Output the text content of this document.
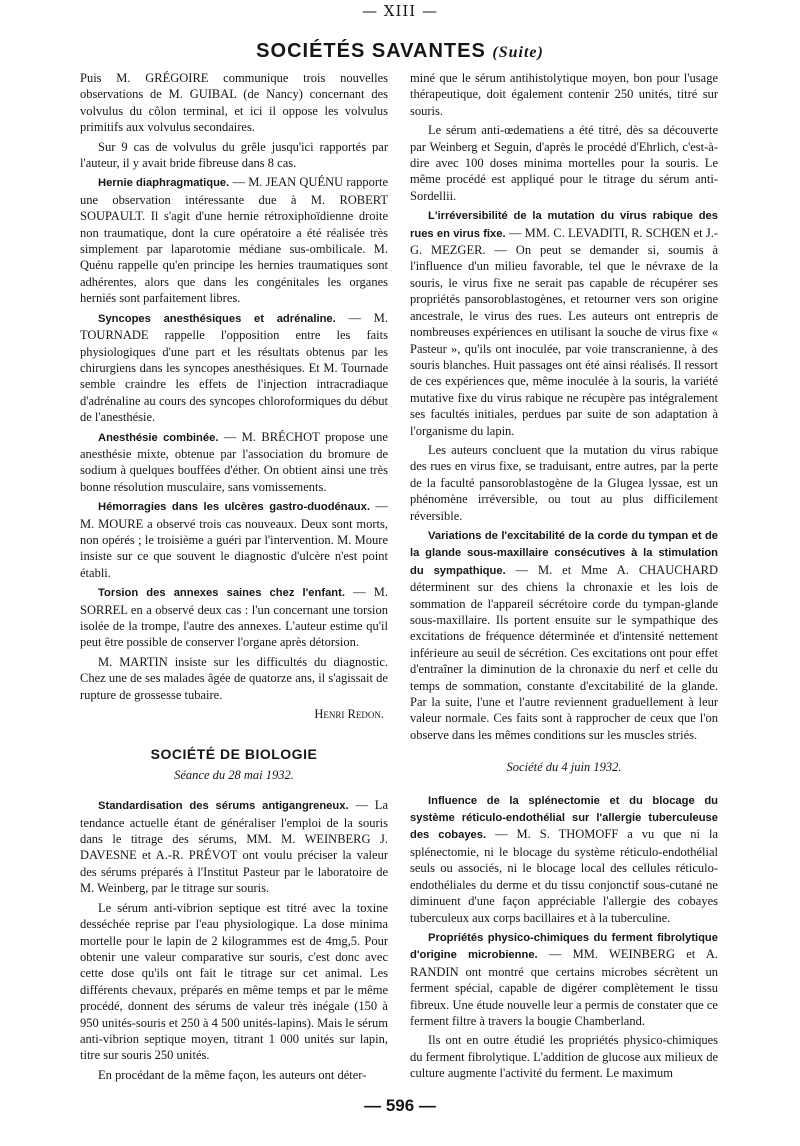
— XIII —
SOCIÉTÉS SAVANTES (Suite)

Puis M. GRÉGOIRE communique trois nouvelles observations de M. GUIBAL (de Nancy) concernant des volvulus du côlon terminal, et ici il oppose les volvulus primitifs aux volvulus secondaires.

Sur 9 cas de volvulus du grêle jusqu'ici rapportés par l'auteur, il y avait bride fibreuse dans 8 cas.

Hernie diaphragmatique. — M. JEAN QUÉNU rapporte une observation intéressante due à M. ROBERT SOUPAULT. Il s'agit d'une hernie rétroxiphoïdienne droite non traumatique, dont la cure opératoire a été réalisée très simplement par laparotomie médiane sus-ombilicale. M. Quénu rappelle qu'en principe les hernies traumatiques sont adhérentes, alors que dans les congénitales les organes herniés sont parfaitement libres.

Syncopes anesthésiques et adrénaline. — M. TOURNADE rappelle l'opposition entre les faits physiologiques d'une part et les résultats obtenus par les chirurgiens dans les syncopes anesthésiques. Et M. Tournade semble craindre les effets de l'injection intracradiaque d'adrénaline au cours des syncopes chloroformiques du début de l'anesthésie.

Anesthésie combinée. — M. BRÉCHOT propose une anesthésie mixte, obtenue par l'association du bromure de sodium à quelques bouffées d'éther. On obtient ainsi une très bonne résolution musculaire, sans vomissements.

Hémorragies dans les ulcères gastro-duodénaux. — M. MOURE a observé trois cas nouveaux. Deux sont morts, non opérés ; le troisième a guéri par l'intervention. M. Moure insiste sur ce que souvent le diagnostic d'ulcère n'est point établi.

Torsion des annexes saines chez l'enfant. — M. SORREL en a observé deux cas : l'un concernant une torsion isolée de la trompe, l'autre des annexes. L'auteur estime qu'il peut être possible de conserver l'organe après détorsion.

M. MARTIN insiste sur les difficultés du diagnostic. Chez une de ses malades âgée de quatorze ans, il s'agissait de rupture de grossesse tubaire.

Henri Redon.
SOCIÉTÉ DE BIOLOGIE
Séance du 28 mai 1932.

Standardisation des sérums antigangreneux. — La tendance actuelle étant de généraliser l'emploi de la souris dans le titrage des sérums, MM. M. WEINBERG J. DAVESNE et A.-R. PRÉVOT ont voulu préciser la valeur des sérums préparés à l'Institut Pasteur par le laboratoire de M. Weinberg, par le titrage sur souris.

Le sérum anti-vibrion septique est titré avec la toxine desséchée reprise par l'eau physiologique. La dose minima mortelle pour le lapin de 2 kilogrammes est de 4mg,5. Pour obtenir une valeur comparative sur souris, c'est donc avec cette dose qu'ils ont fait le titrage sur cet animal. Les différents chevaux, préparés en même temps et par le même procédé, donnent des sérums de valeur très inégale (150 à 950 unités-souris et 250 à 4 500 unités-lapins). Mais le sérum anti-vibrion septique moyen, titrant 1 000 unités sur lapin, titre sur souris 250 unités.

En procédant de la même façon, les auteurs ont déter-

miné que le sérum antihistolytique moyen, bon pour l'usage thérapeutique, doit également contenir 250 unités, titré sur souris.

Le sérum anti-œdematiens a été titré, dès sa découverte par Weinberg et Seguin, d'après le procédé d'Ehrlich, c'est-à-dire avec 100 doses minima mortelles pour la souris. Le même procédé est appliqué pour le titrage du sérum anti-Sordellii.

L'irréversibilité de la mutation du virus rabique des rues en virus fixe. — MM. C. LEVADITI, R. SCHŒN et J.-G. MEZGER. — On peut se demander si, soumis à l'influence d'un milieu favorable, tel que le névraxe de la souris, le virus fixe ne serait pas capable de récupérer ses propriétés pansoroblastogènes, et retourner vers son origine ancestrale, le virus des rues. Les auteurs ont entrepris de nombreuses expériences en utilisant la souche de virus fixe « Pasteur », qu'ils ont inoculée, par voie transcranienne, à des souris blanches. Huit passages ont été ainsi réalisés. Il ressort de ces expériences que, même inoculée à la souris, la variété mutative fixe du virus rabique ne récupère pas intégralement ses facultés initiales, perdues par suite de son adaptation à l'organisme du lapin.

Les auteurs concluent que la mutation du virus rabique des rues en virus fixe, se traduisant, entre autres, par la perte de la faculté pansoroblastogène de la Glugea lyssae, est un phénomène irréversible, ou tout au plus difficilement réversible.

Variations de l'excitabilité de la corde du tympan et de la glande sous-maxillaire consécutives à la stimulation du sympathique. — M. et Mme A. CHAUCHARD déterminent sur des chiens la chronaxie et les lois de sommation de l'appareil sécrétoire corde du tympan-glande sous-maxillaire. Ils portent ensuite sur le sympathique des excitations de fréquence déterminée et d'intensité nettement inférieure au seuil de sécrétion. Ces excitations ont pour effet d'entraîner la diminution de la chronaxie du nerf et celle du temps de sommation, constante d'excitabilité de la glande. Par la suite, l'une et l'autre reviennent graduellement à leur valeur normale. Ces faits sont à rapprocher de ceux que l'on observe dans les mêmes conditions sur les muscles striés.

Société du 4 juin 1932.

Influence de la splénectomie et du blocage du système réticulo-endothélial sur l'allergie tuberculeuse des cobayes. — M. S. THOMOFF a vu que ni la splénectomie, ni le blocage du système réticulo-endothélial seuls ou associés, ni le blocage local des cellules réticulo-endothéliales du derme et du tissu conjonctif sous-cutané ne diminuent d'une façon appréciable l'allergie des cobayes tuberculeux aux corps bacillaires et à la tuberculine.

Propriétés physico-chimiques du ferment fibrolytique d'origine microbienne. — MM. WEINBERG et A. RANDIN ont montré que certains microbes sécrètent un ferment spécial, capable de digérer complètement le tissu fibreux. Une étude nouvelle leur a permis de constater que ce ferment filtre à travers la bougie Chamberland.

Ils ont en outre étudié les propriétés physico-chimiques du ferment fibrolytique. L'addition de glucose aux milieux de culture augmente l'activité du ferment. Le maximum

— 596 —
